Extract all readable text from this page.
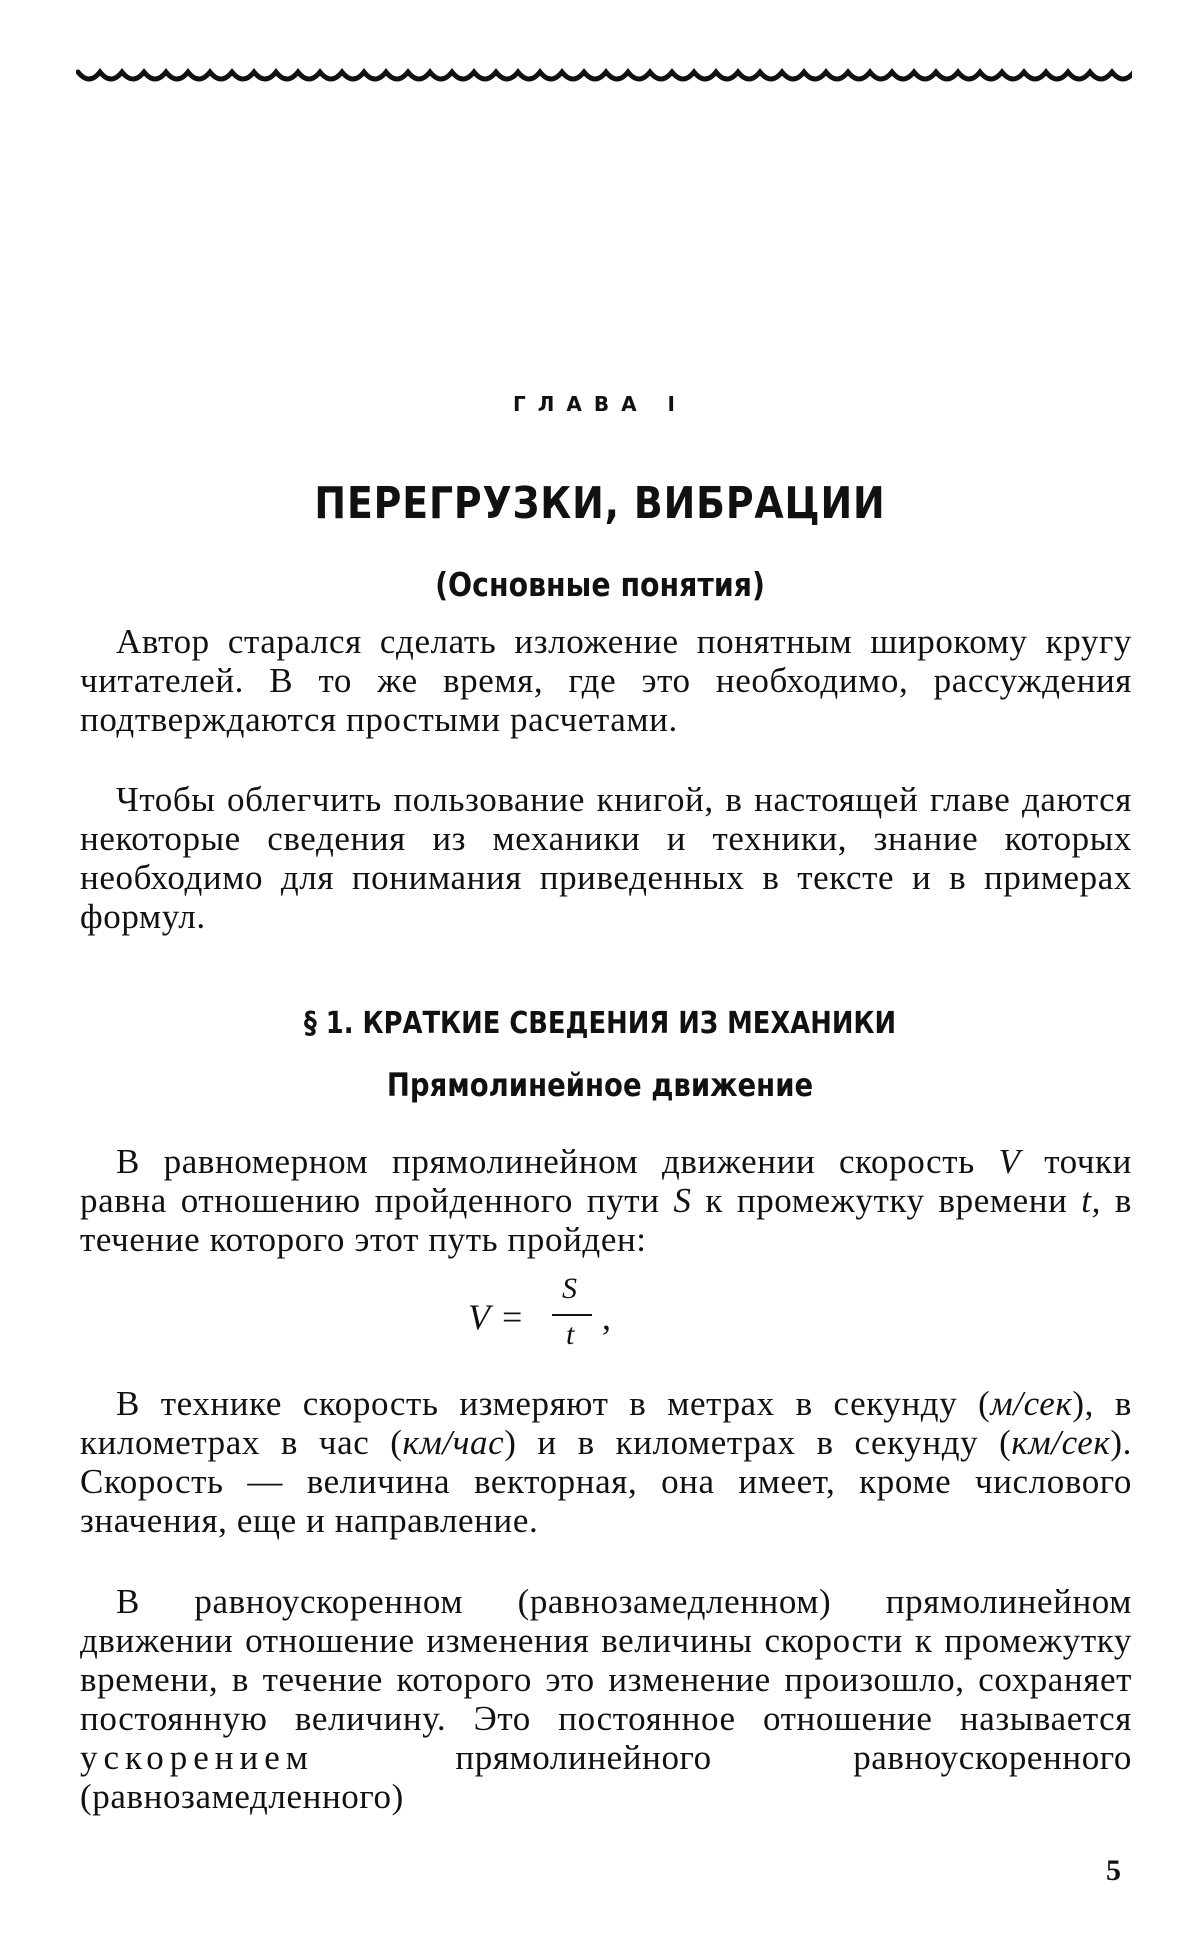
ГЛАВА I
ПЕРЕГРУЗКИ, ВИБРАЦИИ
(Основные понятия)

Автор старался сделать изложение понятным широкому кругу читателей. В то же время, где это необходимо, рассуждения подтверждаются простыми расчетами.

Чтобы облегчить пользование книгой, в настоящей главе даются некоторые сведения из механики и техники, знание которых необходимо для понимания приведенных в тексте и в примерах формул.

§ 1. КРАТКИЕ СВЕДЕНИЯ ИЗ МЕХАНИКИ
Прямолинейное движение

В равномерном прямолинейном движении скорость V точки равна отношению пройденного пути S к промежутку времени t, в течение которого этот путь пройден:

V =
S
t ,

В технике скорость измеряют в метрах в секунду (м/сек), в километрах в час (км/час) и в километрах в секунду (км/сек). Скорость — величина векторная, она имеет, кроме числового значения, еще и направление.

В равноускоренном (равнозамедленном) прямолинейном движении отношение изменения величины скорости к промежутку времени, в течение которого это изменение произошло, сохраняет постоянную величину. Это постоянное отношение называется ускорением прямолинейного равноускоренного (равнозамедленного)

5
